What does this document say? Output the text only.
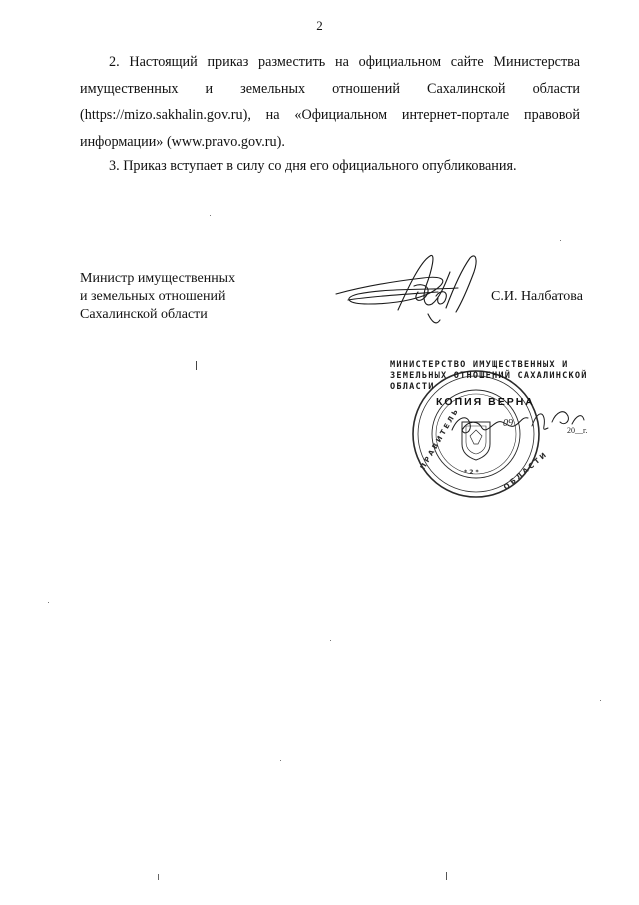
2

2. Настоящий приказ разместить на официальном сайте Министерства имущественных и земельных отношений Сахалинской области (https://mizo.sakhalin.gov.ru), на «Официальном интернет-портале правовой информации» (www.pravo.gov.ru).

3. Приказ вступает в силу со дня его официального опубликования.

Министр имущественных
и земельных отношений
Сахалинской области
С.И. Налбатова
П Р А В И Т Е Л Ь
О Б Л А С Т И
* 2 *
МИНИСТЕРСТВО ИМУЩЕСТВЕННЫХ И
ЗЕМЕЛЬНЫХ ОТНОШЕНИЙ САХАЛИНСКОЙ
ОБЛАСТИ
КОПИЯ ВЕРНА
09
20__г.
